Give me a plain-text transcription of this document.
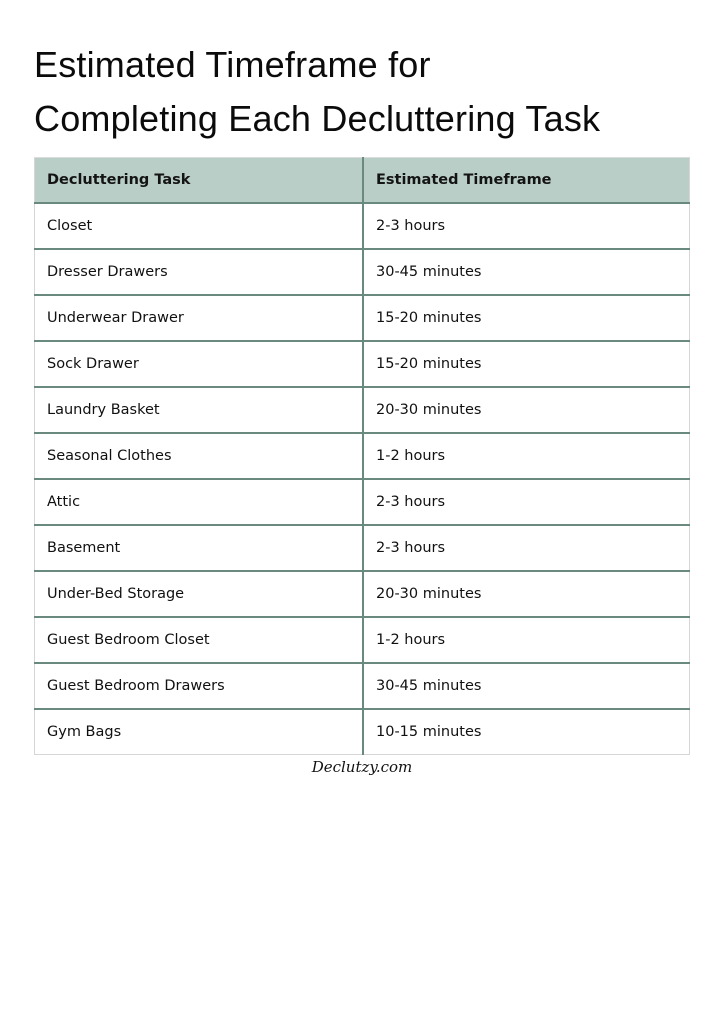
Estimated Timeframe for
Completing Each Decluttering Task
Decluttering Task	Estimated Timeframe
Closet	2-3 hours
Dresser Drawers	30-45 minutes
Underwear Drawer	15-20 minutes
Sock Drawer	15-20 minutes
Laundry Basket	20-30 minutes
Seasonal Clothes	1-2 hours
Attic	2-3 hours
Basement	2-3 hours
Under-Bed Storage	20-30 minutes
Guest Bedroom Closet	1-2 hours
Guest Bedroom Drawers	30-45 minutes
Gym Bags	10-15 minutes
Declutzy.com
